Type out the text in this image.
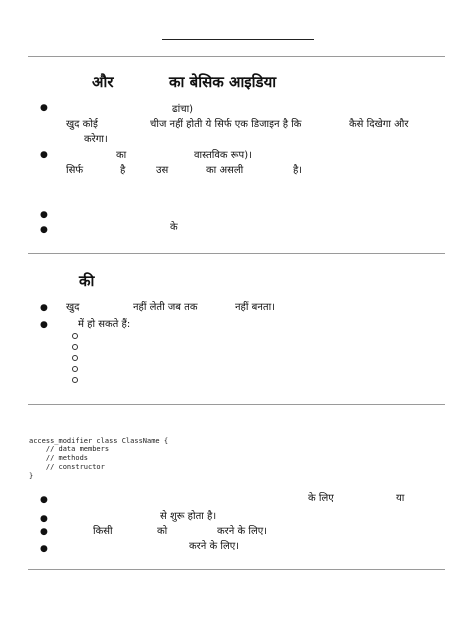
और	का बेसिक आइडिया
●	ढांचा)
खुद कोई	चीज नहीं होती ये सिर्फ एक डिजाइन है कि	कैसे दिखेगा और
करेगा।
●	का	वास्तविक रूप)।
सिर्फ	है	उस	का असली	है।
●
●	के
की
● खुद	नहीं लेती जब तक	नहीं बनता।
●	में हो सकते हैं:
access_modifier class ClassName {
// data members
// methods
// constructor
}
●	के लिए	या
●	से शुरू होता है।
●	किसी	को	करने के लिए।
●	करने के लिए।
